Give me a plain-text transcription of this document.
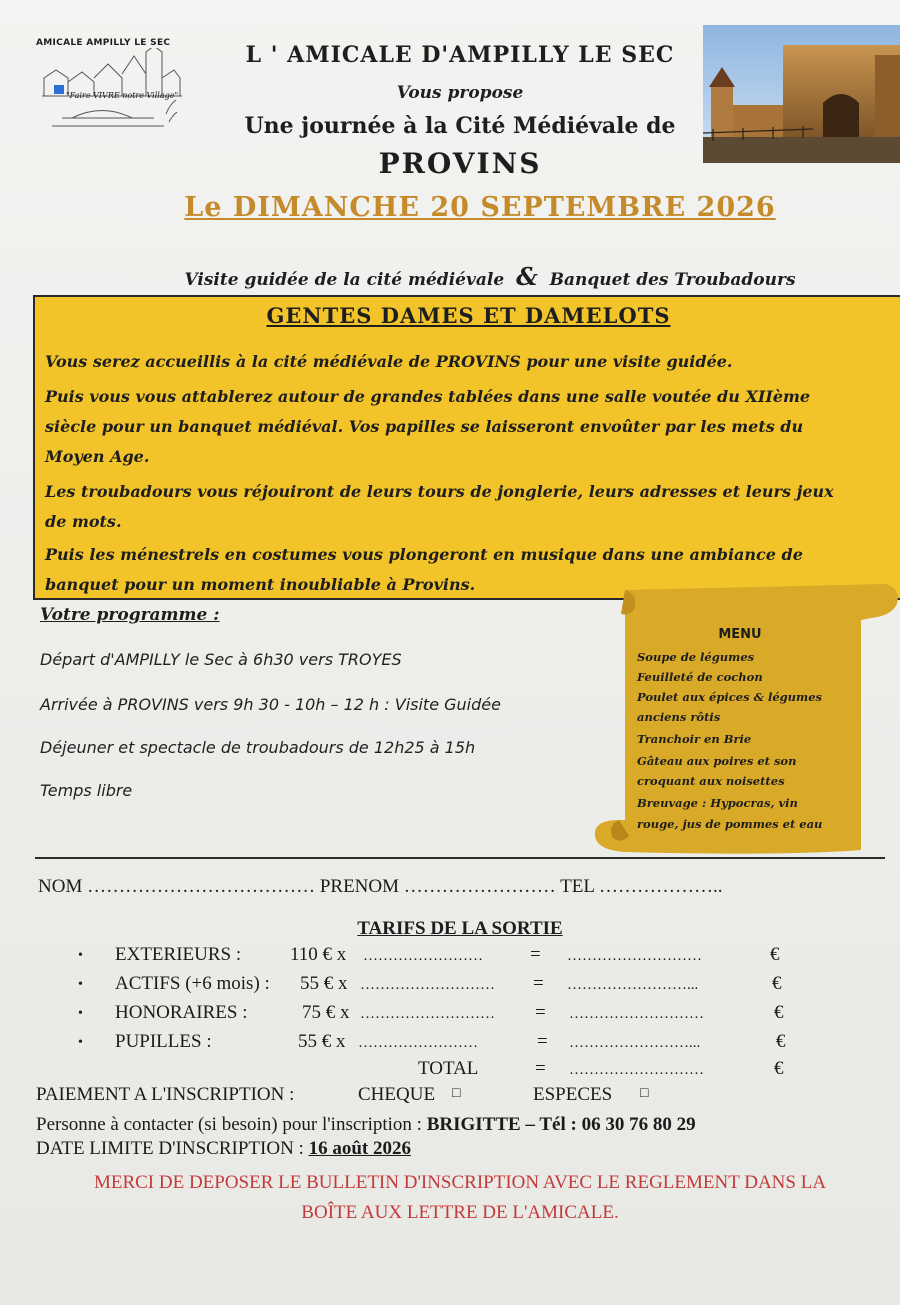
AMICALE AMPILLY LE SEC
"Faire VIVRE notre Village"
L ' AMICALE D'AMPILLY LE SEC
Vous propose
Une journée à la Cité Médiévale de
PROVINS
Le DIMANCHE 20 SEPTEMBRE 2026
Visite guidée de la cité médiévale & Banquet des Troubadours
GENTES DAMES ET DAMELOTS
Vous serez accueillis à la cité médiévale de PROVINS pour une visite guidée.
Puis vous vous attablerez autour de grandes tablées dans une salle voutée du XIIème
siècle pour un banquet médiéval. Vos papilles se laisseront envoûter par les mets du
Moyen Age.
Les troubadours vous réjouiront de leurs tours de jonglerie, leurs adresses et leurs jeux
de mots.
Puis les ménestrels en costumes vous plongeront en musique dans une ambiance de
banquet pour un moment inoubliable à Provins.
Votre programme :
Départ d'AMPILLY le Sec à 6h30 vers TROYES
Arrivée à PROVINS vers 9h 30 - 10h – 12 h : Visite Guidée
Déjeuner et spectacle de troubadours de 12h25 à 15h
Temps libre
MENU
Soupe de légumes
Feuilleté de cochon
Poulet aux épices & légumes
anciens rôtis
Tranchoir en Brie
Gâteau aux poires et son
croquant aux noisettes
Breuvage : Hypocras, vin
rouge, jus de pommes et eau
NOM ……………………………… PRENOM …………………… TEL ………………..
TARIFS DE LA SORTIE
• EXTERIEURS :	110 € x …………………… = ………………………	€
• ACTIFS (+6 mois) : 55 € x ……………………… = ……………………...	€
• HONORAIRES :	75 € x ……………………… = ………………………	€
• PUPILLES :	55 € x ……………………	= ……………………...	€
TOTAL	= ………………………	€
PAIEMENT A L'INSCRIPTION :	CHEQUE □	ESPECES □
Personne à contacter (si besoin) pour l'inscription : BRIGITTE – Tél : 06 30 76 80 29
DATE LIMITE D'INSCRIPTION : 16 août 2026
MERCI DE DEPOSER LE BULLETIN D'INSCRIPTION AVEC LE REGLEMENT DANS LA
BOÎTE AUX LETTRE DE L'AMICALE.
